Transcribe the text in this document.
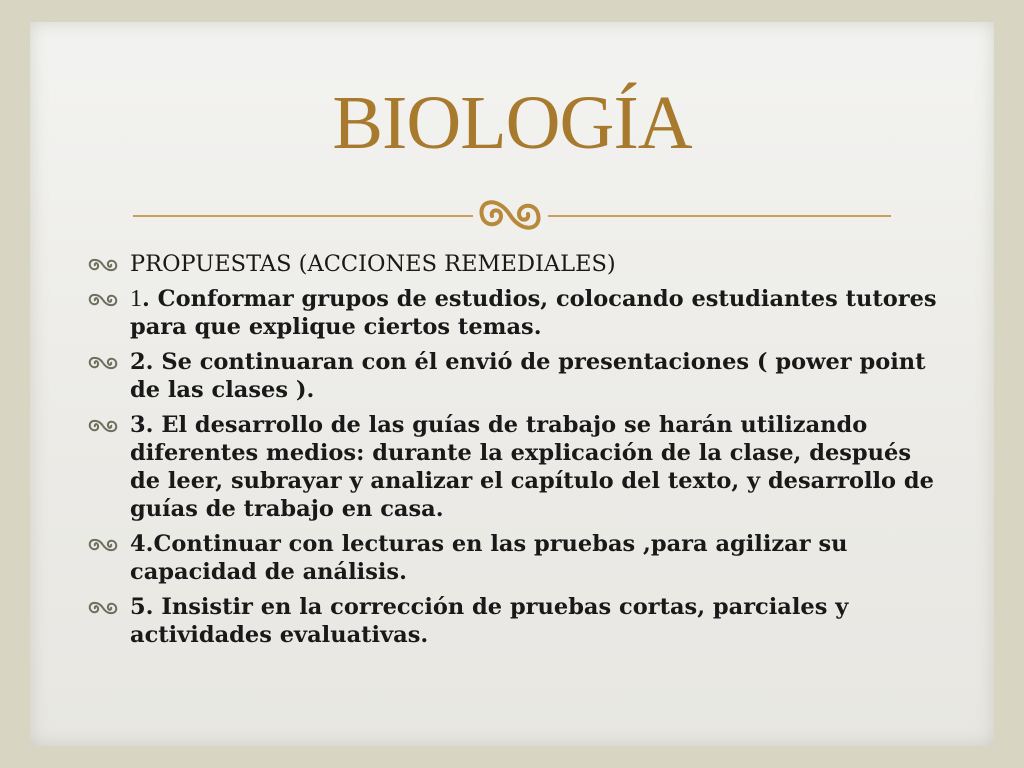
BIOLOGÍA
PROPUESTAS (ACCIONES REMEDIALES)
1. Conformar grupos de estudios, colocando estudiantes tutores para que explique ciertos temas.
2. Se continuaran con él envió de presentaciones ( power point de las clases ).
3. El desarrollo de las guías de trabajo se harán utilizando diferentes medios: durante la explicación de la clase, después de leer, subrayar y analizar el capítulo del texto, y desarrollo de guías de trabajo en casa.
4.Continuar con lecturas en las pruebas ,para agilizar su capacidad de análisis.
5. Insistir en la corrección de pruebas cortas, parciales y actividades evaluativas.
